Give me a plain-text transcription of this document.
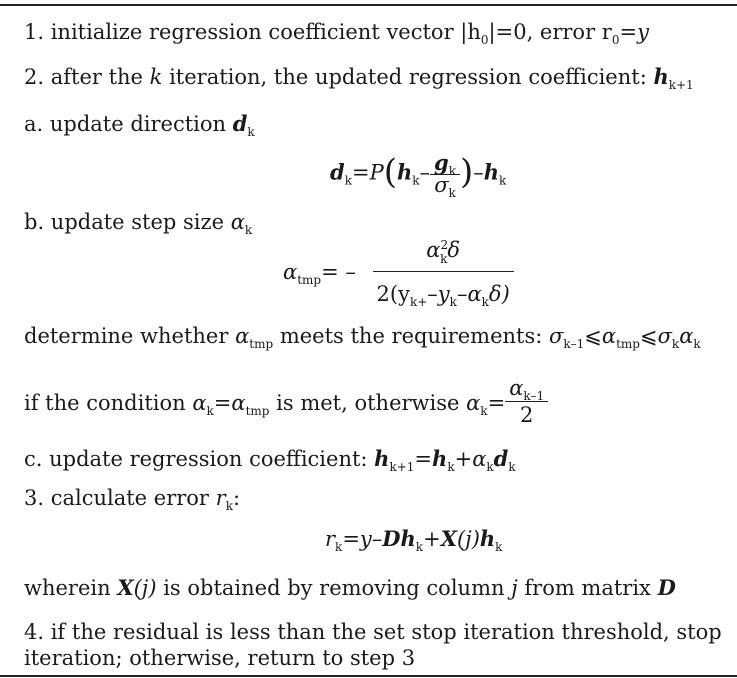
1. initialize regression coefficient vector $|h_0|=0$, error $r_0=y$
2. after the k iteration, the updated regression coefficient: $h_{k+1}$
a. update direction $d_k$
$d_k=P(h_k- \frac{g_k}{\sigma_k} )-h_k$
b. update step size $\alpha_k$
$\alpha_{tmp}= - \frac{\alpha^2_k\delta}{2(y_{k+}-y_k-\alpha_k\delta)}$
determine whether $\alpha_{tmp}$ meets the requirements: $\sigma_{k-1}⩽\alpha_{tmp}⩽\sigma_k\alpha_k$
if the condition $\alpha_k=\alpha_{tmp}$ is met, otherwise $\alpha_k= \frac{\alpha_{k-1}}{2}$
c. update regression coefficient: $h_{k+1}=h_k+\alpha_kd_k$
3. calculate error $r_k$:
$r_k=y-Dh_k+X(j)h_k$
wherein X(j) is obtained by removing column j from matrix D
4. if the residual is less than the set stop iteration threshold, stop
iteration; otherwise, return to step 3
